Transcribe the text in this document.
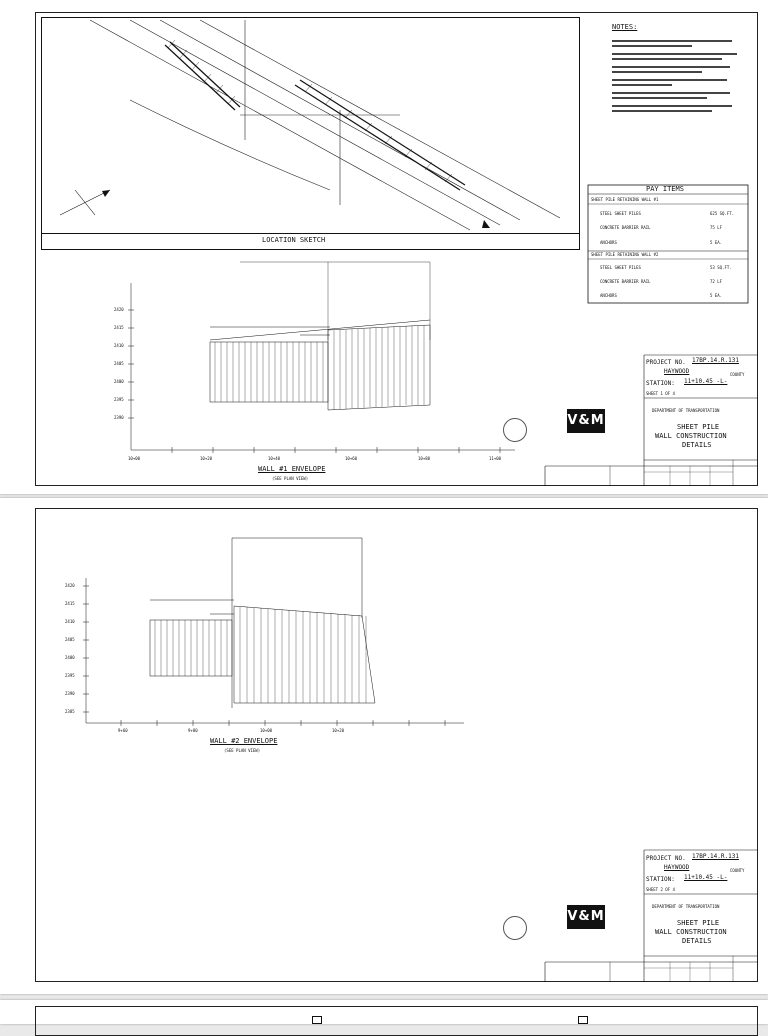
LOCATION SKETCH
NOTES:
PAY ITEMS
SHEET PILE RETAINING WALL #1
STEEL SHEET PILES	625 SQ.FT.
CONCRETE BARRIER RAIL	75 LF
ANCHORS	5 EA.
SHEET PILE RETAINING WALL #2
STEEL SHEET PILES	53 SQ.FT.
CONCRETE BARRIER RAIL	72 LF
ANCHORS	5 EA.
2420
2415
2410
2405
2400
2395
2390
10+00	10+20	10+40	10+60	10+80	11+00
WALL #1 ENVELOPE
(SEE PLAN VIEW)
PROJECT NO. 17BP.14.R.131
HAYWOOD	COUNTY
STATION: 11+10.45 -L-
SHEET 1 OF 4
DEPARTMENT OF TRANSPORTATION
SHEET PILE
WALL CONSTRUCTION
DETAILS
V&M
2420
2415
2410
2405
2400
2395
2390
2385
9+60	9+80	10+00	10+20
WALL #2 ENVELOPE
(SEE PLAN VIEW)
PROJECT NO. 17BP.14.R.131
HAYWOOD	COUNTY
STATION: 11+10.45 -L-
SHEET 2 OF 4
DEPARTMENT OF TRANSPORTATION
SHEET PILE
WALL CONSTRUCTION
DETAILS
V&M
